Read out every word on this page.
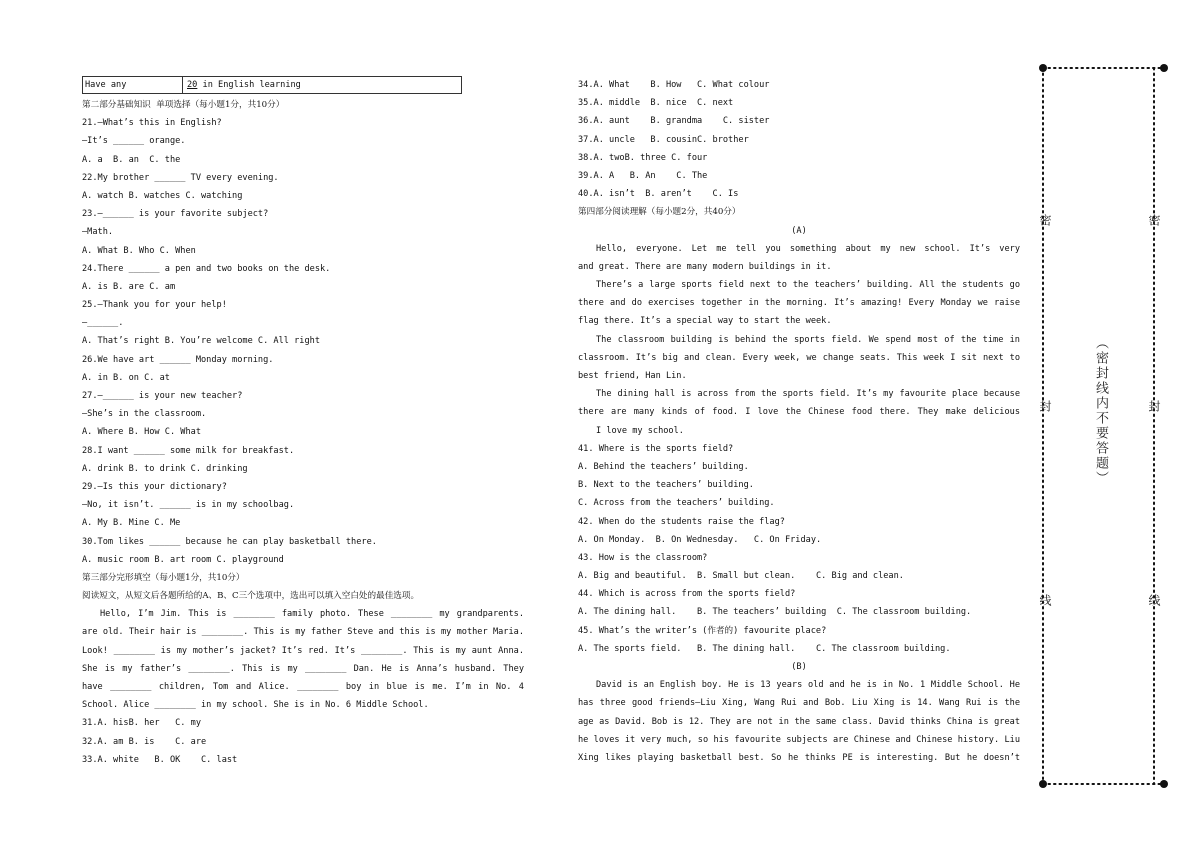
Have any	20 in English learning
第二部分基础知识  单项选择（每小题1分，共10分）
21.—What’s this in English?
—It’s ______ orange.
A. a  B. an  C. the
22.My brother ______ TV every evening.
A. watch B. watches C. watching
23.—______ is your favorite subject?
—Math.
A. What B. Who C. When
24.There ______ a pen and two books on the desk.
A. is B. are C. am
25.—Thank you for your help!
—______.
A. That’s right B. You’re welcome C. All right
26.We have art ______ Monday morning.
A. in B. on C. at
27.—______ is your new teacher?
—She’s in the classroom.
A. Where B. How C. What
28.I want ______ some milk for breakfast.
A. drink B. to drink C. drinking
29.—Is this your dictionary?
—No, it isn’t. ______ is in my schoolbag.
A. My B. Mine C. Me
30.Tom likes ______ because he can play basketball there.
A. music room B. art room C. playground
第三部分完形填空（每小题1分，共10分）
阅读短文，从短文后各题所给的A、B、C三个选项中，选出可以填入空白处的最佳选项。
Hello, I’m Jim. This is ________ family photo. These ________ my grandparents.
are old. Their hair is ________. This is my father Steve and this is my mother Maria.
Look! ________ is my mother’s jacket? It’s red. It’s ________. This is my aunt Anna.
She is my father’s ________. This is my ________ Dan. He is Anna’s husband. They
have ________ children, Tom and Alice. ________ boy in blue is me. I’m in No. 4
School. Alice ________ in my school. She is in No. 6 Middle School.
31.A. hisB. her   C. my
32.A. am B. is    C. are
33.A. white   B. OK    C. last
34.A. What    B. How   C. What colour
35.A. middle  B. nice  C. next
36.A. aunt    B. grandma    C. sister
37.A. uncle   B. cousinC. brother
38.A. twoB. three C. four
39.A. A   B. An    C. The
40.A. isn’t  B. aren’t    C. Is
第四部分阅读理解（每小题2分，共40分）
(A)
Hello, everyone. Let me tell you something about my new school. It’s very
and great. There are many modern buildings in it.
There’s a large sports field next to the teachers’ building. All the students go
there and do exercises together in the morning. It’s amazing! Every Monday we raise
flag there. It’s a special way to start the week.
The classroom building is behind the sports field. We spend most of the time in
classroom. It’s big and clean. Every week, we change seats. This week I sit next to
best friend, Han Lin.
The dining hall is across from the sports field. It’s my favourite place because
there are many kinds of food. I love the Chinese food there. They make delicious
I love my school.
41. Where is the sports field?
A. Behind the teachers’ building.
B. Next to the teachers’ building.
C. Across from the teachers’ building.
42. When do the students raise the flag?
A. On Monday.  B. On Wednesday.   C. On Friday.
43. How is the classroom?
A. Big and beautiful.  B. Small but clean.    C. Big and clean.
44. Which is across from the sports field?
A. The dining hall.    B. The teachers’ building  C. The classroom building.
45. What’s the writer’s (作者的) favourite place?
A. The sports field.   B. The dining hall.    C. The classroom building.
(B)
David is an English boy. He is 13 years old and he is in No. 1 Middle School. He
has three good friends—Liu Xing, Wang Rui and Bob. Liu Xing is 14. Wang Rui is the
age as David. Bob is 12. They are not in the same class. David thinks China is great
he loves it very much, so his favourite subjects are Chinese and Chinese history. Liu
Xing likes playing basketball best. So he thinks PE is interesting. But he doesn’t
密
封
线
密
封
线
（密封线内不要答题）
